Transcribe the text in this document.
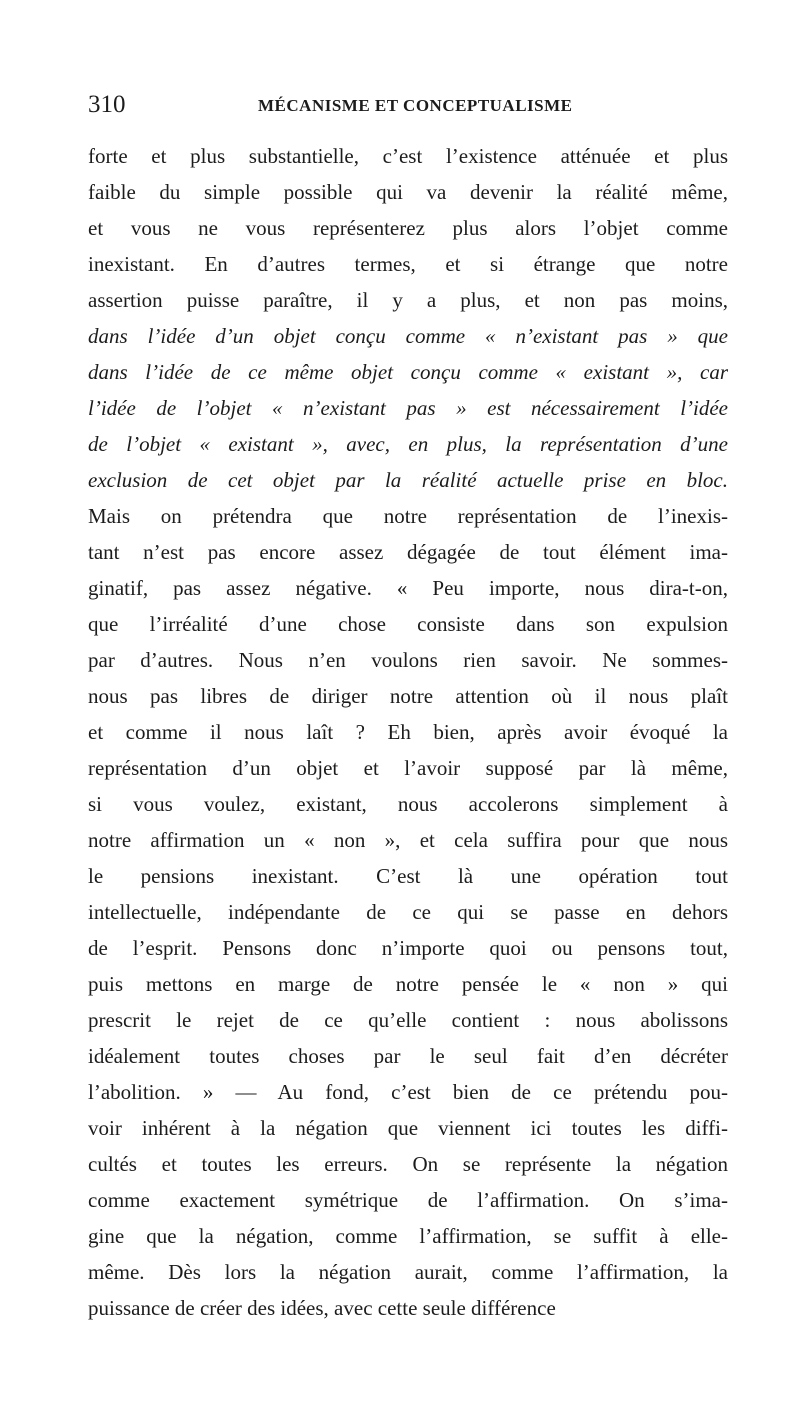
310	MÉCANISME ET CONCEPTUALISME
forte et plus substantielle, c’est l’existence atténuée et plus
faible du simple possible qui va devenir la réalité même,
et vous ne vous représenterez plus alors l’objet comme
inexistant. En d’autres termes, et si étrange que notre
assertion puisse paraître, il y a plus, et non pas moins,
dans l’idée d’un objet conçu comme « n’existant pas » que
dans l’idée de ce même objet conçu comme « existant », car
l’idée de l’objet « n’existant pas » est nécessairement l’idée
de l’objet « existant », avec, en plus, la représentation d’une
exclusion de cet objet par la réalité actuelle prise en bloc.
Mais on prétendra que notre représentation de l’inexis-
tant n’est pas encore assez dégagée de tout élément ima-
ginatif, pas assez négative. « Peu importe, nous dira-t-on,
que l’irréalité d’une chose consiste dans son expulsion
par d’autres. Nous n’en voulons rien savoir. Ne sommes-
nous pas libres de diriger notre attention où il nous plaît
et comme il nous laît ? Eh bien, après avoir évoqué la
représentation d’un objet et l’avoir supposé par là même,
si vous voulez, existant, nous accolerons simplement à
notre affirmation un « non », et cela suffira pour que nous
le pensions inexistant. C’est là une opération tout
intellectuelle, indépendante de ce qui se passe en dehors
de l’esprit. Pensons donc n’importe quoi ou pensons tout,
puis mettons en marge de notre pensée le « non » qui
prescrit le rejet de ce qu’elle contient : nous abolissons
idéalement toutes choses par le seul fait d’en décréter
l’abolition. » — Au fond, c’est bien de ce prétendu pou-
voir inhérent à la négation que viennent ici toutes les diffi-
cultés et toutes les erreurs. On se représente la négation
comme exactement symétrique de l’affirmation. On s’ima-
gine que la négation, comme l’affirmation, se suffit à elle-
même. Dès lors la négation aurait, comme l’affirmation, la
puissance de créer des idées, avec cette seule différence
